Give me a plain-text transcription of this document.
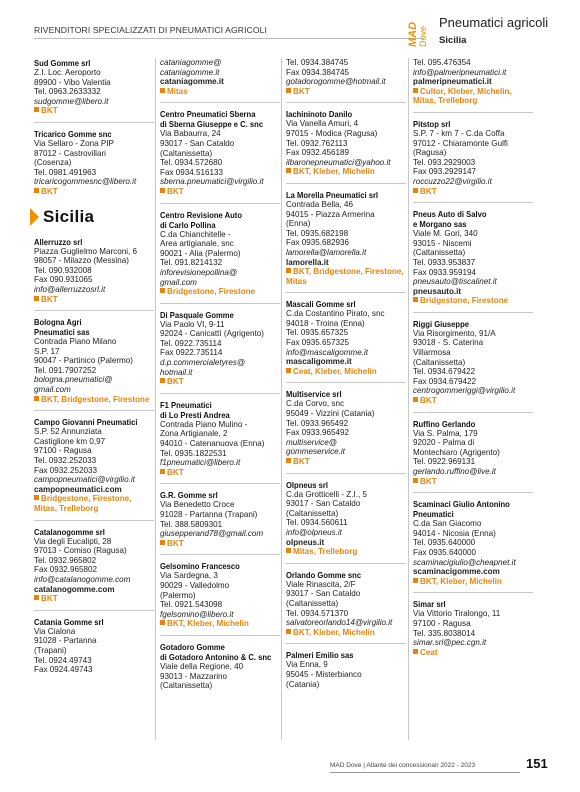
RIVENDITORI SPECIALIZZATI DI PNEUMATICI AGRICOLI	MAD Dove
Pneumatici agricoli
Sicilia
Sud Gomme srl
Z.I. Loc. Aeroporto
89900 - Vibo Valentia
Tel. 0963.2633332
sudgomme@libero.it
BKT
Tricarico Gomme snc
Via Sellaro - Zona PIP
87012 - Castrovillari
(Cosenza)
Tel. 0981.491963
tricaricogommesnc@libero.it
BKT
Sicilia
Allerruzzo srl
Piazza Guglielmo Marconi, 6
98057 - Milazzo (Messina)
Tel. 090.932008
Fax 090.931065
info@allerruzzosrl.it
BKT
Bologna Agri
Pneumatici sas
Contrada Piano Milano
S.P. 17
90047 - Partinico (Palermo)
Tel. 091.7907252
bologna.pneumatici@
gmail.com
BKT, Bridgestone, Firestone
Campo Giovanni Pneumatici
S.P. 52 Annunziata
Castiglione km 0,97
97100 - Ragusa
Tel. 0932.252033
Fax 0932.252033
campopneumatici@virgilio.it
campopneumatici.com
Bridgestone, Firestone, Mitas, Trelleborg
Catalanogomme srl
Via degli Eucalipti, 28
97013 - Comiso (Ragusa)
Tel. 0932.965802
Fax 0932.965802
info@catalanogomme.com
catalanogomme.com
BKT
Catania Gomme srl
Via Cialona
91028 - Partanna
(Trapani)
Tel. 0924.49743
Fax 0924.49743
cataniagomme@
cataniagomme.it
cataniagomme.it
Mitas
Centro Pneumatici Sberna
di Sberna Giuseppe e C. snc
Via Babaurra, 24
93017 - San Cataldo
(Caltanissetta)
Tel. 0934.572680
Fax 0934.516133
sberna.pneumatici@virgilio.it
BKT
Centro Revisione Auto
di Carlo Pollina
C.da Chianchitelle -
Area artigianale, snc
90021 - Alia (Palermo)
Tel. 091.8214132
inforevisionepollina@
gmail.com
Bridgestone, Firestone
Di Pasquale Gomme
Via Paolo VI, 9-11
92024 - Canicattì (Agrigento)
Tel. 0922.735114
Fax 0922.735114
d.p.commercialetyres@
hotmail.it
BKT
F1 Pneumatici
di Lo Presti Andrea
Contrada Piano Mulino -
Zona Artigianale, 2
94010 - Catenanuova (Enna)
Tel. 0935.1822531
f1pneumatici@libero.it
BKT
G.R. Gomme srl
Via Benedetto Croce
91028 - Partanna (Trapani)
Tel. 388.5809301
giusepperand78@gmail.com
BKT
Gelsomino Francesco
Via Sardegna, 3
90029 - Valledolmo
(Palermo)
Tel. 0921.543098
fgelsomino@libero.it
BKT, Kleber, Michelin
Gotadoro Gomme
di Gotadoro Antonino & C. snc
Viale della Regione, 40
93013 - Mazzarino
(Caltanissetta)
Tel. 0934.384745
Fax 0934.384745
gotadorogomme@hotmail.it
BKT
Iachininoto Danilo
Via Vanella Amuri, 4
97015 - Modica (Ragusa)
Tel. 0932.762113
Fax 0932.456189
ilbaronepneumatici@yahoo.it
BKT, Kleber, Michelin
La Morella Pneumatici srl
Contrada Bella, 46
94015 - Piazza Armerina
(Enna)
Tel. 0935.682198
Fax 0935.682936
lamorella@lamorella.it
lamorella.it
BKT, Bridgestone, Firestone, Mitas
Mascali Gomme srl
C.da Costantino Pirato, snc
94018 - Troina (Enna)
Tel. 0935.657325
Fax 0935.657325
info@mascaligomme.it
mascaligomme.it
Ceat, Kleber, Michelin
Multiservice srl
C.da Corvo, snc
95049 - Vizzini (Catania)
Tel. 0933.965492
Fax 0933.965492
multiservice@
gommeservice.it
BKT
Olpneus srl
C.da Grotticelli - Z.I., 5
93017 - San Cataldo
(Caltanissetta)
Tel. 0934.560611
info@olpneus.it
olpneus.it
Mitas, Trelleborg
Orlando Gomme snc
Viale Rinascita, 2/F
93017 - San Cataldo
(Caltanissetta)
Tel. 0934.571370
salvatoreorlando14@virgilio.it
BKT, Kleber, Michelin
Palmeri Emilio sas
Via Enna, 9
95045 - Misterbianco
(Catania)
Tel. 095.476354
info@palmeripneumatici.it
palmeripneumatici.it
Cultor, Kleber, Michelin, Mitas, Trelleborg
Pitstop srl
S.P. 7 - km 7 - C.da Coffa
97012 - Chiaramonte Gulfi
(Ragusa)
Tel. 093.2929003
Fax 093.2929147
roccuzzo22@virgilio.it
BKT
Pneus Auto di Salvo
e Morgano sas
Viale M. Gori, 340
93015 - Niscemi
(Caltanissetta)
Tel. 0933.953837
Fax 0933.959194
pneusauto@tiscalinet.it
pneusauto.it
Bridgestone, Firestone
Riggi Giuseppe
Via Risorgimento, 91/A
93018 - S. Caterina
Villarmosa
(Caltanissetta)
Tel. 0934.679422
Fax 0934.679422
centrogommeriggi@virgilio.it
BKT
Ruffino Gerlando
Via S. Palma, 179
92020 - Palma di
Montechiaro (Agrigento)
Tel. 0922.969131
gerlando.ruffino@live.it
BKT
Scaminaci Giulio Antonino
Pneumatici
C.da San Giacomo
94014 - Nicosia (Enna)
Tel. 0935.640000
Fax 0935.640000
scaminacigiulio@cheapnet.it
scaminacigomme.com
BKT, Kleber, Michelin
Simar srl
Via Vittorio Tiralongo, 11
97100 - Ragusa
Tel. 335.8038014
simar.srl@pec.cgn.it
Ceat
MAD Dove | Atlante dei concessionari 2022 - 2023	151
